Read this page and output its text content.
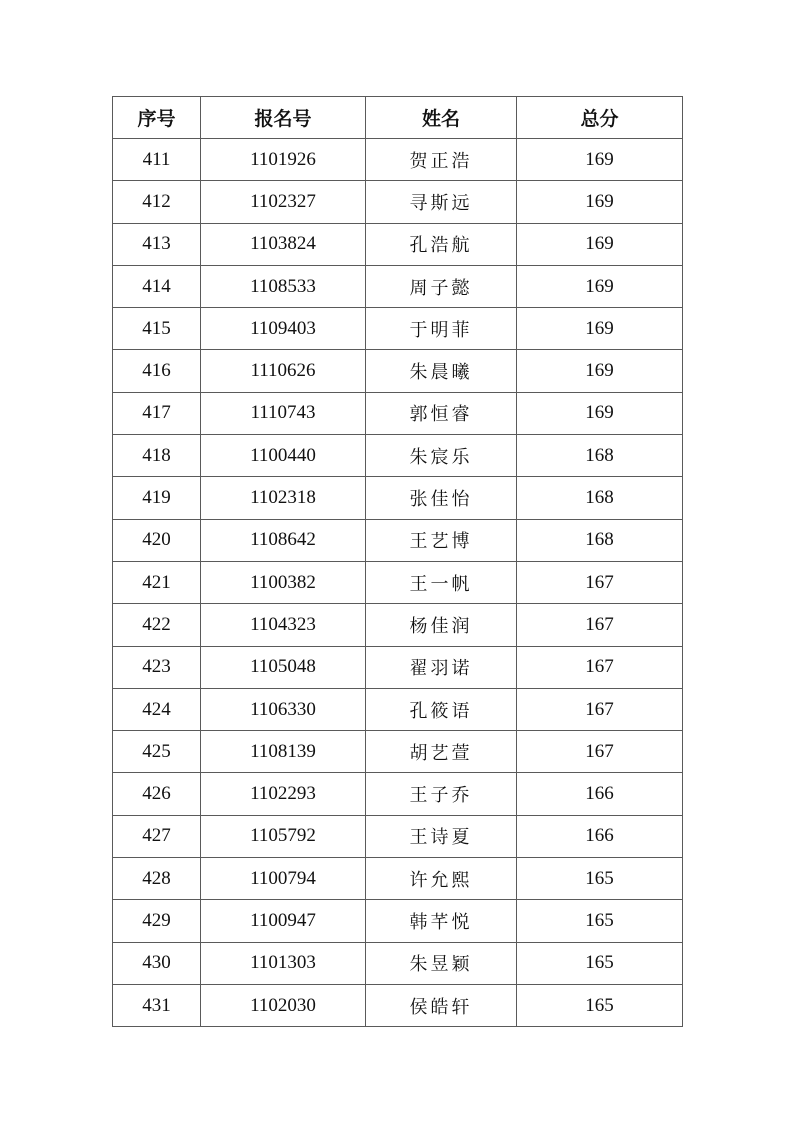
序号	报名号	姓名	总分
411	1101926	贺正浩	169
412	1102327	寻斯远	169
413	1103824	孔浩航	169
414	1108533	周子懿	169
415	1109403	于明菲	169
416	1110626	朱晨曦	169
417	1110743	郭恒睿	169
418	1100440	朱宸乐	168
419	1102318	张佳怡	168
420	1108642	王艺博	168
421	1100382	王一帆	167
422	1104323	杨佳润	167
423	1105048	翟羽诺	167
424	1106330	孔筱语	167
425	1108139	胡艺萱	167
426	1102293	王子乔	166
427	1105792	王诗夏	166
428	1100794	许允熙	165
429	1100947	韩芊悦	165
430	1101303	朱昱颖	165
431	1102030	侯皓轩	165
